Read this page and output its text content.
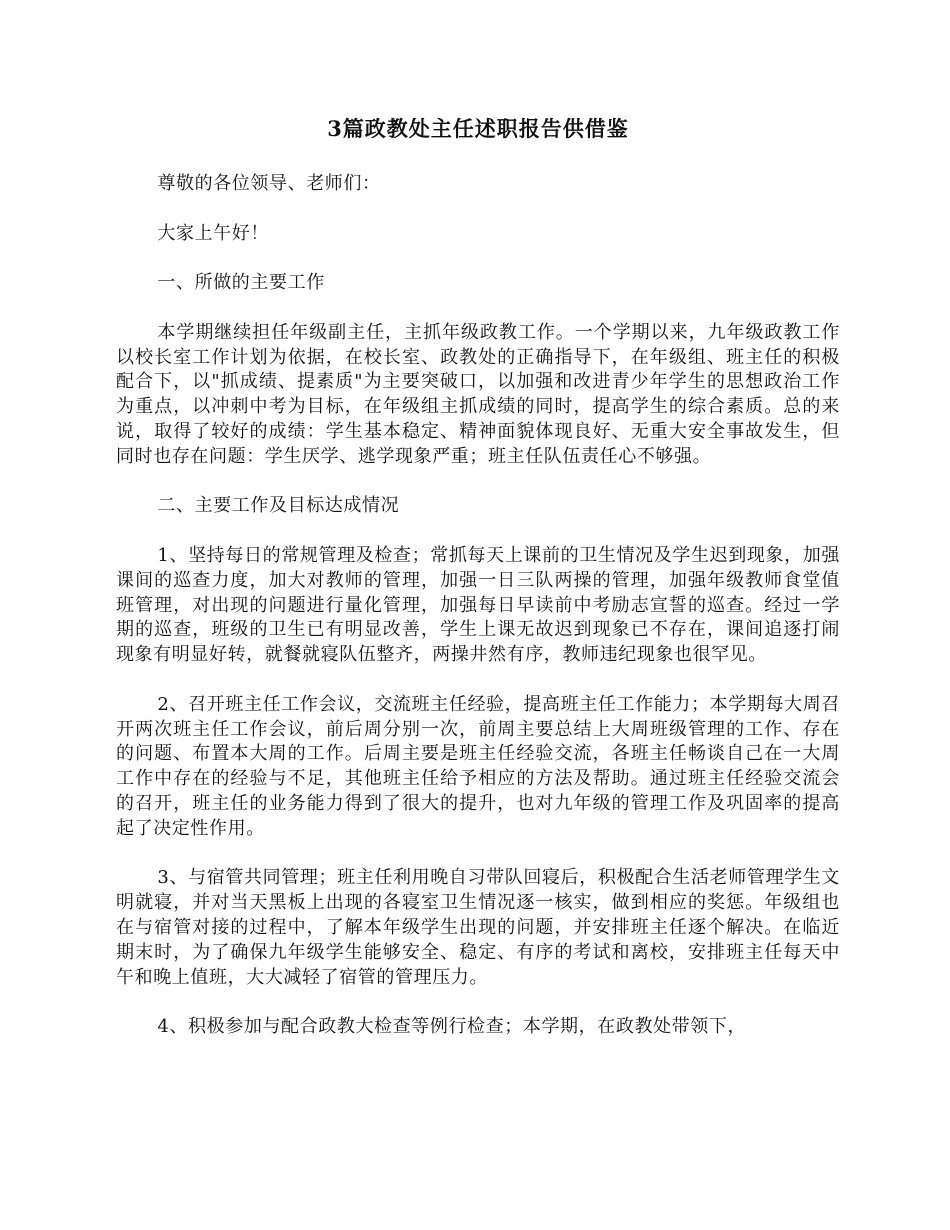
3篇政教处主任述职报告供借鉴

尊敬的各位领导、老师们：

大家上午好！

一、所做的主要工作

本学期继续担任年级副主任，主抓年级政教工作。一个学期以来，九年级政教工作以校长室工作计划为依据，在校长室、政教处的正确指导下，在年级组、班主任的积极配合下，以"抓成绩、提素质"为主要突破口，以加强和改进青少年学生的思想政治工作为重点，以冲刺中考为目标，在年级组主抓成绩的同时，提高学生的综合素质。总的来说，取得了较好的成绩：学生基本稳定、精神面貌体现良好、无重大安全事故发生，但同时也存在问题：学生厌学、逃学现象严重；班主任队伍责任心不够强。

二、主要工作及目标达成情况

1、坚持每日的常规管理及检查；常抓每天上课前的卫生情况及学生迟到现象，加强课间的巡查力度，加大对教师的管理，加强一日三队两操的管理，加强年级教师食堂值班管理，对出现的问题进行量化管理，加强每日早读前中考励志宣誓的巡查。经过一学期的巡查，班级的卫生已有明显改善，学生上课无故迟到现象已不存在，课间追逐打闹现象有明显好转，就餐就寝队伍整齐，两操井然有序，教师违纪现象也很罕见。

2、召开班主任工作会议，交流班主任经验，提高班主任工作能力；本学期每大周召开两次班主任工作会议，前后周分别一次，前周主要总结上大周班级管理的工作、存在的问题、布置本大周的工作。后周主要是班主任经验交流，各班主任畅谈自己在一大周工作中存在的经验与不足，其他班主任给予相应的方法及帮助。通过班主任经验交流会的召开，班主任的业务能力得到了很大的提升，也对九年级的管理工作及巩固率的提高起了决定性作用。

3、与宿管共同管理；班主任利用晚自习带队回寝后，积极配合生活老师管理学生文明就寝，并对当天黑板上出现的各寝室卫生情况逐一核实，做到相应的奖惩。年级组也在与宿管对接的过程中，了解本年级学生出现的问题，并安排班主任逐个解决。在临近期末时，为了确保九年级学生能够安全、稳定、有序的考试和离校，安排班主任每天中午和晚上值班，大大减轻了宿管的管理压力。

4、积极参加与配合政教大检查等例行检查；本学期，在政教处带领下，
